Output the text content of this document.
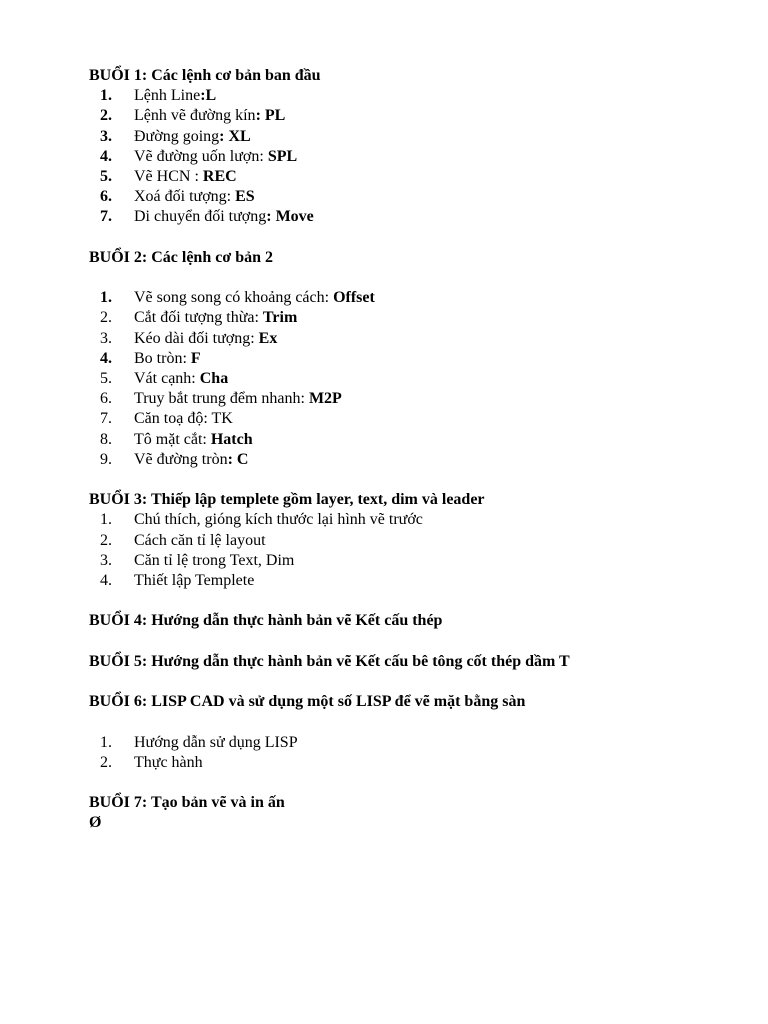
BUỔI 1: Các lệnh cơ bản ban đầu
1.	Lệnh Line:L
2.	Lệnh vẽ đường kín: PL
3.	Đường going: XL
4.	Vẽ đường uốn lượn: SPL
5.	Vẽ HCN : REC
6.	Xoá đối tượng: ES
7.	Di chuyển đối tượng: Move
BUỔI 2: Các lệnh cơ bản 2
1.	Vẽ song song có khoảng cách: Offset
2.	Cắt đối tượng thừa: Trim
3.	Kéo dài đối tượng: Ex
4.	Bo tròn: F
5.	Vát cạnh: Cha
6.	Truy bắt trung đểm nhanh: M2P
7.	Căn toạ độ: TK
8.	Tô mặt cắt: Hatch
9.	Vẽ đường tròn: C
BUỔI 3: Thiếp lập templete gồm layer, text, dim và leader
1.	Chú thích, gióng kích thước lại hình vẽ trước
2.	Cách căn tỉ lệ layout
3.	Căn tỉ lệ trong Text, Dim
4.	Thiết lập Templete
BUỔI 4: Hướng dẫn thực hành bản vẽ Kết cấu thép
BUỔI 5: Hướng dẫn thực hành bản vẽ Kết cấu bê tông cốt thép dầm T
BUỔI 6: LISP CAD và sử dụng một số LISP để vẽ mặt bằng sàn
1.	Hướng dẫn sử dụng LISP
2.	Thực hành
BUỔI 7: Tạo bản vẽ và in ấn
Ø
